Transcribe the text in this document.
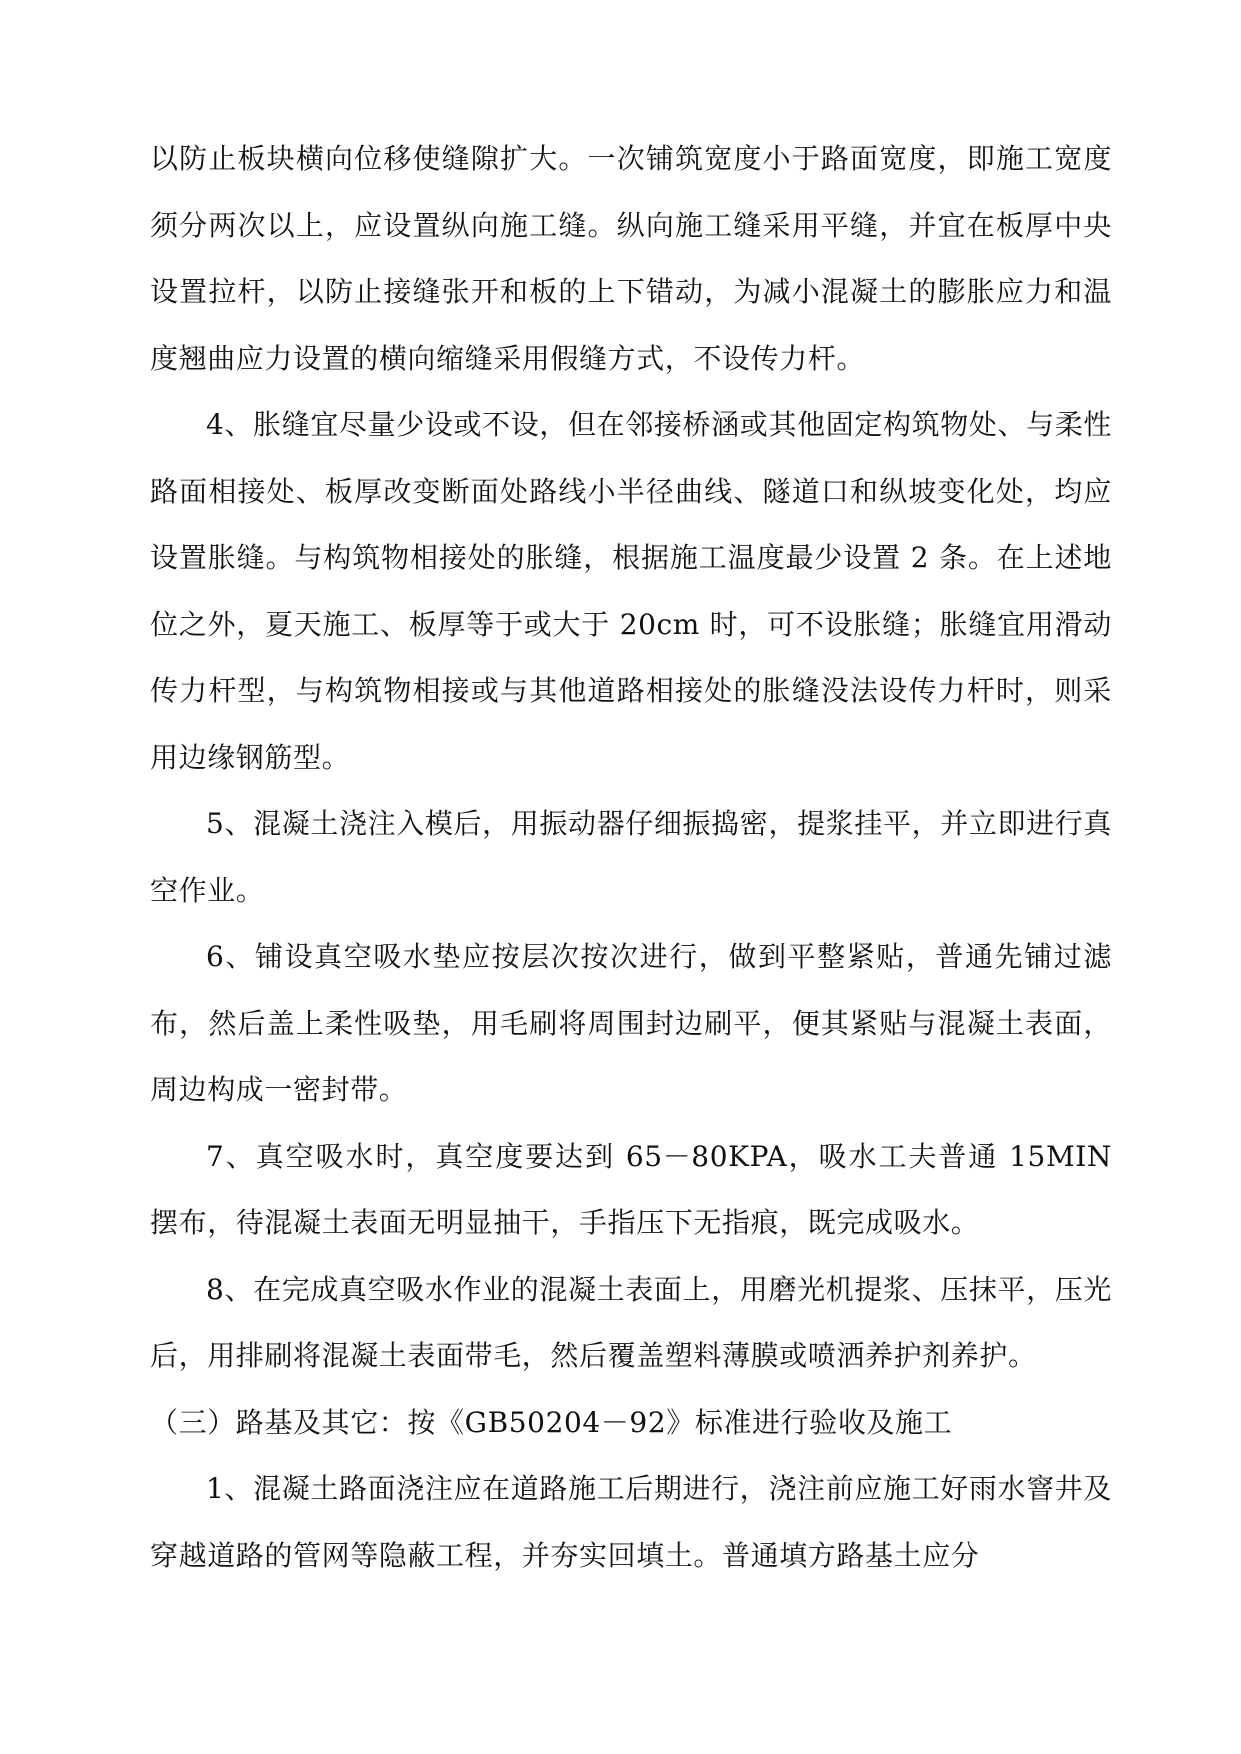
以防止板块横向位移使缝隙扩大。一次铺筑宽度小于路面宽度，即施工宽度须分两次以上，应设置纵向施工缝。纵向施工缝采用平缝，并宜在板厚中央设置拉杆，以防止接缝张开和板的上下错动，为减小混凝土的膨胀应力和温度翘曲应力设置的横向缩缝采用假缝方式，不设传力杆。

4、胀缝宜尽量少设或不设，但在邻接桥涵或其他固定构筑物处、与柔性路面相接处、板厚改变断面处路线小半径曲线、隧道口和纵坡变化处，均应设置胀缝。与构筑物相接处的胀缝，根据施工温度最少设置 2 条。在上述地位之外，夏天施工、板厚等于或大于 20cm 时，可不设胀缝；胀缝宜用滑动传力杆型，与构筑物相接或与其他道路相接处的胀缝没法设传力杆时，则采用边缘钢筋型。

5、混凝土浇注入模后，用振动器仔细振捣密，提浆挂平，并立即进行真空作业。

6、铺设真空吸水垫应按层次按次进行，做到平整紧贴，普通先铺过滤布，然后盖上柔性吸垫，用毛刷将周围封边刷平，便其紧贴与混凝土表面，周边构成一密封带。

7、真空吸水时，真空度要达到 65－80KPA，吸水工夫普通 15MIN 摆布，待混凝土表面无明显抽干，手指压下无指痕，既完成吸水。

8、在完成真空吸水作业的混凝土表面上，用磨光机提浆、压抹平，压光后，用排刷将混凝土表面带毛，然后覆盖塑料薄膜或喷洒养护剂养护。

（三）路基及其它：按《GB50204－92》标准进行验收及施工

1、混凝土路面浇注应在道路施工后期进行，浇注前应施工好雨水窨井及穿越道路的管网等隐蔽工程，并夯实回填土。普通填方路基土应分
